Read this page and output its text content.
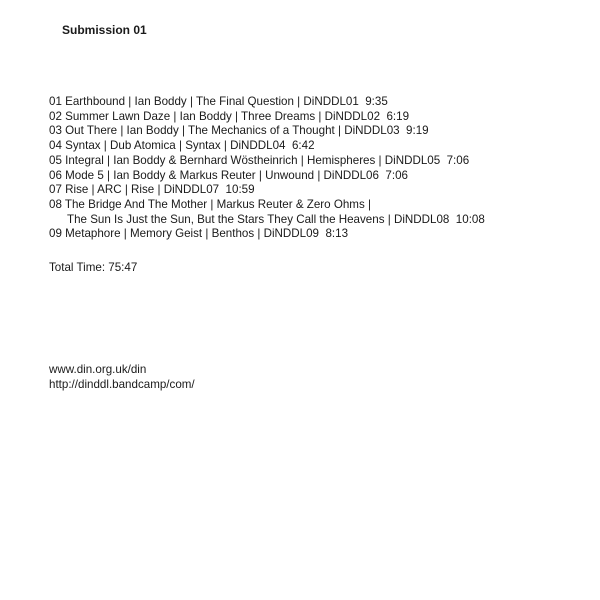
Submission 01
01 Earthbound | Ian Boddy | The Final Question | DiNDDL01  9:35
02 Summer Lawn Daze | Ian Boddy | Three Dreams | DiNDDL02  6:19
03 Out There | Ian Boddy | The Mechanics of a Thought | DiNDDL03  9:19
04 Syntax | Dub Atomica | Syntax | DiNDDL04  6:42
05 Integral | Ian Boddy & Bernhard Wöstheinrich | Hemispheres | DiNDDL05  7:06
06 Mode 5 | Ian Boddy & Markus Reuter | Unwound | DiNDDL06  7:06
07 Rise | ARC | Rise | DiNDDL07  10:59
08 The Bridge And The Mother | Markus Reuter & Zero Ohms |
The Sun Is Just the Sun, But the Stars They Call the Heavens | DiNDDL08  10:08
09 Metaphore | Memory Geist | Benthos | DiNDDL09  8:13
Total Time: 75:47
www.din.org.uk/din
http://dinddl.bandcamp/com/
